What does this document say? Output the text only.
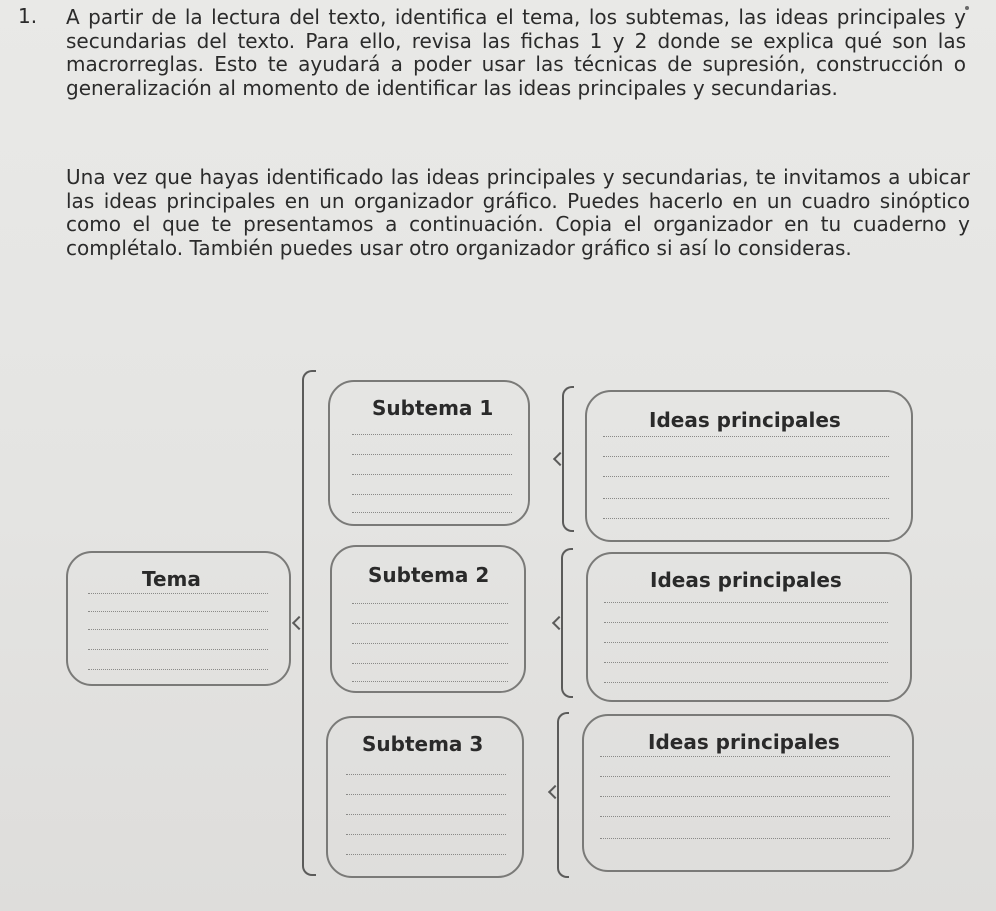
1. A partir de la lectura del texto, identifica el tema, los subtemas, las ideas principales y secundarias del texto. Para ello, revisa las fichas 1 y 2 donde se explica qué son las macrorreglas. Esto te ayudará a poder usar las técnicas de supresión, construcción o generalización al momento de identificar las ideas principales y secundarias.

Una vez que hayas identificado las ideas principales y secundarias, te invitamos a ubicar las ideas principales en un organizador gráfico. Puedes hacerlo en un cuadro sinóptico como el que te presentamos a continuación. Copia el organizador en tu cuaderno y complétalo. También puedes usar otro organizador gráfico si así lo consideras.

Tema
Subtema 1	Ideas principales
Subtema 2	Ideas principales
Subtema 3	Ideas principales
